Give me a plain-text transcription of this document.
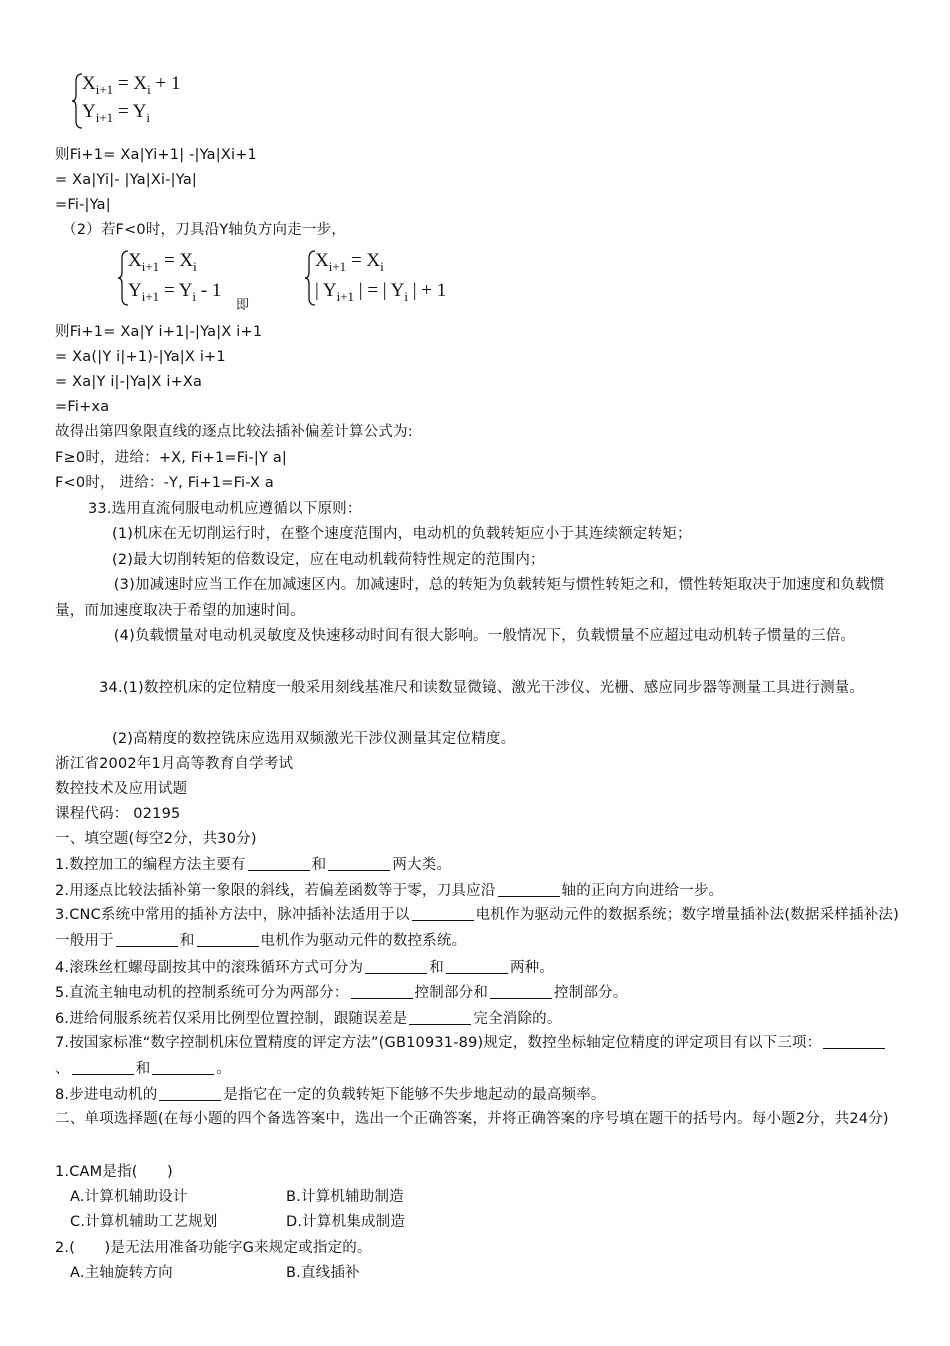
$X_{i+1} = X_i + 1$
$Y_{i+1} = Y_i$
则Fi+1= Xa|Yi+1| -|Ya|Xi+1
= Xa|Yi|- |Ya|Xi-|Ya|
=Fi-|Ya|
（2）若F<0时，刀具沿Y轴负方向走一步，
$X_{i+1} = X_i$
$Y_{i+1} = Y_i - 1$
即
$X_{i+1} = X_i$
| $Y_{i+1}$ | = | $Y_i$ | + 1
则Fi+1= Xa|Y i+1|-|Ya|X i+1
= Xa(|Y i|+1)-|Ya|X i+1
= Xa|Y i|-|Ya|X i+Xa
=Fi+xa
故得出第四象限直线的逐点比较法插补偏差计算公式为:
F≥0时，进给：+X, Fi+1=Fi-|Y a|
F<0时， 进给：-Y, Fi+1=Fi-X a
33.选用直流伺服电动机应遵循以下原则：
(1)机床在无切削运行时，在整个速度范围内，电动机的负载转矩应小于其连续额定转矩；
(2)最大切削转矩的倍数设定，应在电动机载荷特性规定的范围内；
　　　　(3)加减速时应当工作在加减速区内。加减速时，总的转矩为负载转矩与惯性转矩之和，惯性转矩取决于加速度和负载惯量，而加速度取决于希望的加速时间。
　　　　(4)负载惯量对电动机灵敏度及快速移动时间有很大影响。一般情况下，负载惯量不应超过电动机转子惯量的三倍。
　　　34.(1)数控机床的定位精度一般采用刻线基准尺和读数显微镜、激光干涉仪、光栅、感应同步器等测量工具进行测量。
(2)高精度的数控铣床应选用双频激光干涉仪测量其定位精度。
浙江省2002年1月高等教育自学考试
数控技术及应用试题
课程代码： 02195
一、填空题(每空2分，共30分)
1.数控加工的编程方法主要有	和	两大类。
2.用逐点比较法插补第一象限的斜线，若偏差函数等于零，刀具应沿	轴的正向方向进给一步。
3.CNC系统中常用的插补方法中，脉冲插补法适用于以	电机作为驱动元件的数据系统；数字增量插补法(数据采样插补法)一般用于	和	电机作为驱动元件的数控系统。
4.滚珠丝杠螺母副按其中的滚珠循环方式可分为	和	两种。
5.直流主轴电动机的控制系统可分为两部分：	控制部分和	控制部分。
6.进给伺服系统若仅采用比例型位置控制，跟随误差是	完全消除的。
7.按国家标准“数字控制机床位置精度的评定方法”(GB10931-89)规定，数控坐标轴定位精度的评定项目有以下三项：、	和	。
8.步进电动机的	是指它在一定的负载转矩下能够不失步地起动的最高频率。
二、单项选择题(在每小题的四个备选答案中，选出一个正确答案，并将正确答案的序号填在题干的括号内。每小题2分，共24分)
1.CAM是指(　　)
A.计算机辅助设计	B.计算机辅助制造
C.计算机辅助工艺规划	D.计算机集成制造
2.(　　)是无法用准备功能字G来规定或指定的。
A.主轴旋转方向	B.直线插补
